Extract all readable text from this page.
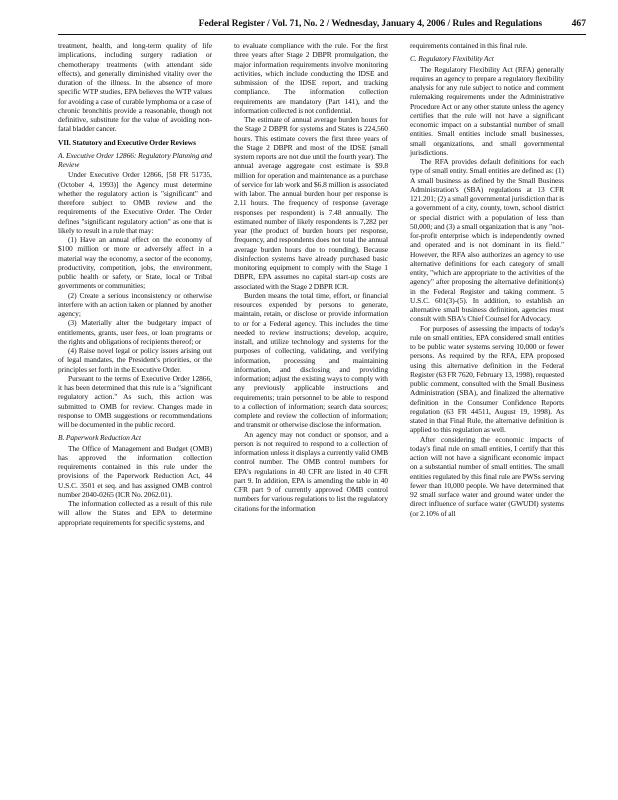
Federal Register / Vol. 71, No. 2 / Wednesday, January 4, 2006 / Rules and Regulations	467

treatment, health, and long-term quality of life implications, including surgery radiation or chemotherapy treatments (with attendant side effects), and generally diminished vitality over the duration of the illness. In the absence of more specific WTP studies, EPA believes the WTP values for avoiding a case of curable lymphoma or a case of chronic bronchitis provide a reasonable, though not definitive, substitute for the value of avoiding non-fatal bladder cancer.

VII. Statutory and Executive Order Reviews
A. Executive Order 12866: Regulatory Planning and Review

Under Executive Order 12866, [58 FR 51735, (October 4, 1993)] the Agency must determine whether the regulatory action is "significant" and therefore subject to OMB review and the requirements of the Executive Order. The Order defines "significant regulatory action" as one that is likely to result in a rule that may:

(1) Have an annual effect on the economy of $100 million or more or adversely affect in a material way the economy, a sector of the economy, productivity, competition, jobs, the environment, public health or safety, or State, local or Tribal governments or communities;

(2) Create a serious inconsistency or otherwise interfere with an action taken or planned by another agency;

(3) Materially alter the budgetary impact of entitlements, grants, user fees, or loan programs or the rights and obligations of recipients thereof; or

(4) Raise novel legal or policy issues arising out of legal mandates, the President's priorities, or the principles set forth in the Executive Order.

Pursuant to the terms of Executive Order 12866, it has been determined that this rule is a "significant regulatory action." As such, this action was submitted to OMB for review. Changes made in response to OMB suggestions or recommendations will be documented in the public record.

B. Paperwork Reduction Act

The Office of Management and Budget (OMB) has approved the information collection requirements contained in this rule under the provisions of the Paperwork Reduction Act, 44 U.S.C. 3501 et seq. and has assigned OMB control number 2040-0265 (ICR No. 2062.01).

The information collected as a result of this rule will allow the States and EPA to determine appropriate requirements for specific systems, and

to evaluate compliance with the rule. For the first three years after Stage 2 DBPR promulgation, the major information requirements involve monitoring activities, which include conducting the IDSE and submission of the IDSE report, and tracking compliance. The information collection requirements are mandatory (Part 141), and the information collected is not confidential.

The estimate of annual average burden hours for the Stage 2 DBPR for systems and States is 224,560 hours. This estimate covers the first three years of the Stage 2 DBPR and most of the IDSE (small system reports are not due until the fourth year). The annual average aggregate cost estimate is $9.8 million for operation and maintenance as a purchase of service for lab work and $6.8 million is associated with labor. The annual burden hour per response is 2.11 hours. The frequency of response (average responses per respondent) is 7.48 annually. The estimated number of likely respondents is 7,282 per year (the product of burden hours per response, frequency, and respondents does not total the annual average burden hours due to rounding). Because disinfection systems have already purchased basic monitoring equipment to comply with the Stage 1 DBPR, EPA assumes no capital start-up costs are associated with the Stage 2 DBPR ICR.

Burden means the total time, effort, or financial resources expended by persons to generate, maintain, retain, or disclose or provide information to or for a Federal agency. This includes the time needed to review instructions; develop, acquire, install, and utilize technology and systems for the purposes of collecting, validating, and verifying information, processing and maintaining information, and disclosing and providing information; adjust the existing ways to comply with any previously applicable instructions and requirements; train personnel to be able to respond to a collection of information; search data sources; complete and review the collection of information; and transmit or otherwise disclose the information.

An agency may not conduct or sponsor, and a person is not required to respond to a collection of information unless it displays a currently valid OMB control number. The OMB control numbers for EPA's regulations in 40 CFR are listed in 40 CFR part 9. In addition, EPA is amending the table in 40 CFR part 9 of currently approved OMB control numbers for various regulations to list the regulatory citations for the information

requirements contained in this final rule.

C. Regulatory Flexibility Act

The Regulatory Flexibility Act (RFA) generally requires an agency to prepare a regulatory flexibility analysis for any rule subject to notice and comment rulemaking requirements under the Administrative Procedure Act or any other statute unless the agency certifies that the rule will not have a significant economic impact on a substantial number of small entities. Small entities include small businesses, small organizations, and small governmental jurisdictions.

The RFA provides default definitions for each type of small entity. Small entities are defined as: (1) A small business as defined by the Small Business Administration's (SBA) regulations at 13 CFR 121.201; (2) a small governmental jurisdiction that is a government of a city, county, town, school district or special district with a population of less than 50,000; and (3) a small organization that is any "not-for-profit enterprise which is independently owned and operated and is not dominant in its field." However, the RFA also authorizes an agency to use alternative definitions for each category of small entity, "which are appropriate to the activities of the agency" after proposing the alternative definition(s) in the Federal Register and taking comment. 5 U.S.C. 601(3)-(5). In addition, to establish an alternative small business definition, agencies must consult with SBA's Chief Counsel for Advocacy.

For purposes of assessing the impacts of today's rule on small entities, EPA considered small entities to be public water systems serving 10,000 or fewer persons. As required by the RFA, EPA proposed using this alternative definition in the Federal Register (63 FR 7620, February 13, 1998), requested public comment, consulted with the Small Business Administration (SBA), and finalized the alternative definition in the Consumer Confidence Reports regulation (63 FR 44511, August 19, 1998). As stated in that Final Rule, the alternative definition is applied to this regulation as well.

After considering the economic impacts of today's final rule on small entities, I certify that this action will not have a significant economic impact on a substantial number of small entities. The small entities regulated by this final rule are PWSs serving fewer than 10,000 people. We have determined that 92 small surface water and ground water under the direct influence of surface water (GWUDI) systems (or 2.10% of all
